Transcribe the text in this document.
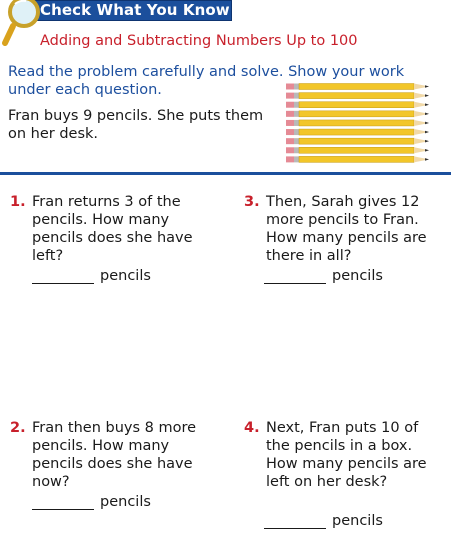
Check What You Know
Adding and Subtracting Numbers Up to 100
Read the problem carefully and solve. Show your work under each question.
Fran buys 9 pencils. She puts them on her desk.
1. Fran returns 3 of the pencils. How many pencils does she have left?
pencils
3. Then, Sarah gives 12 more pencils to Fran. How many pencils are there in all?
pencils
2. Fran then buys 8 more pencils. How many pencils does she have now?
pencils
4. Next, Fran puts 10 of the pencils in a box. How many pencils are left on her desk?
pencils
